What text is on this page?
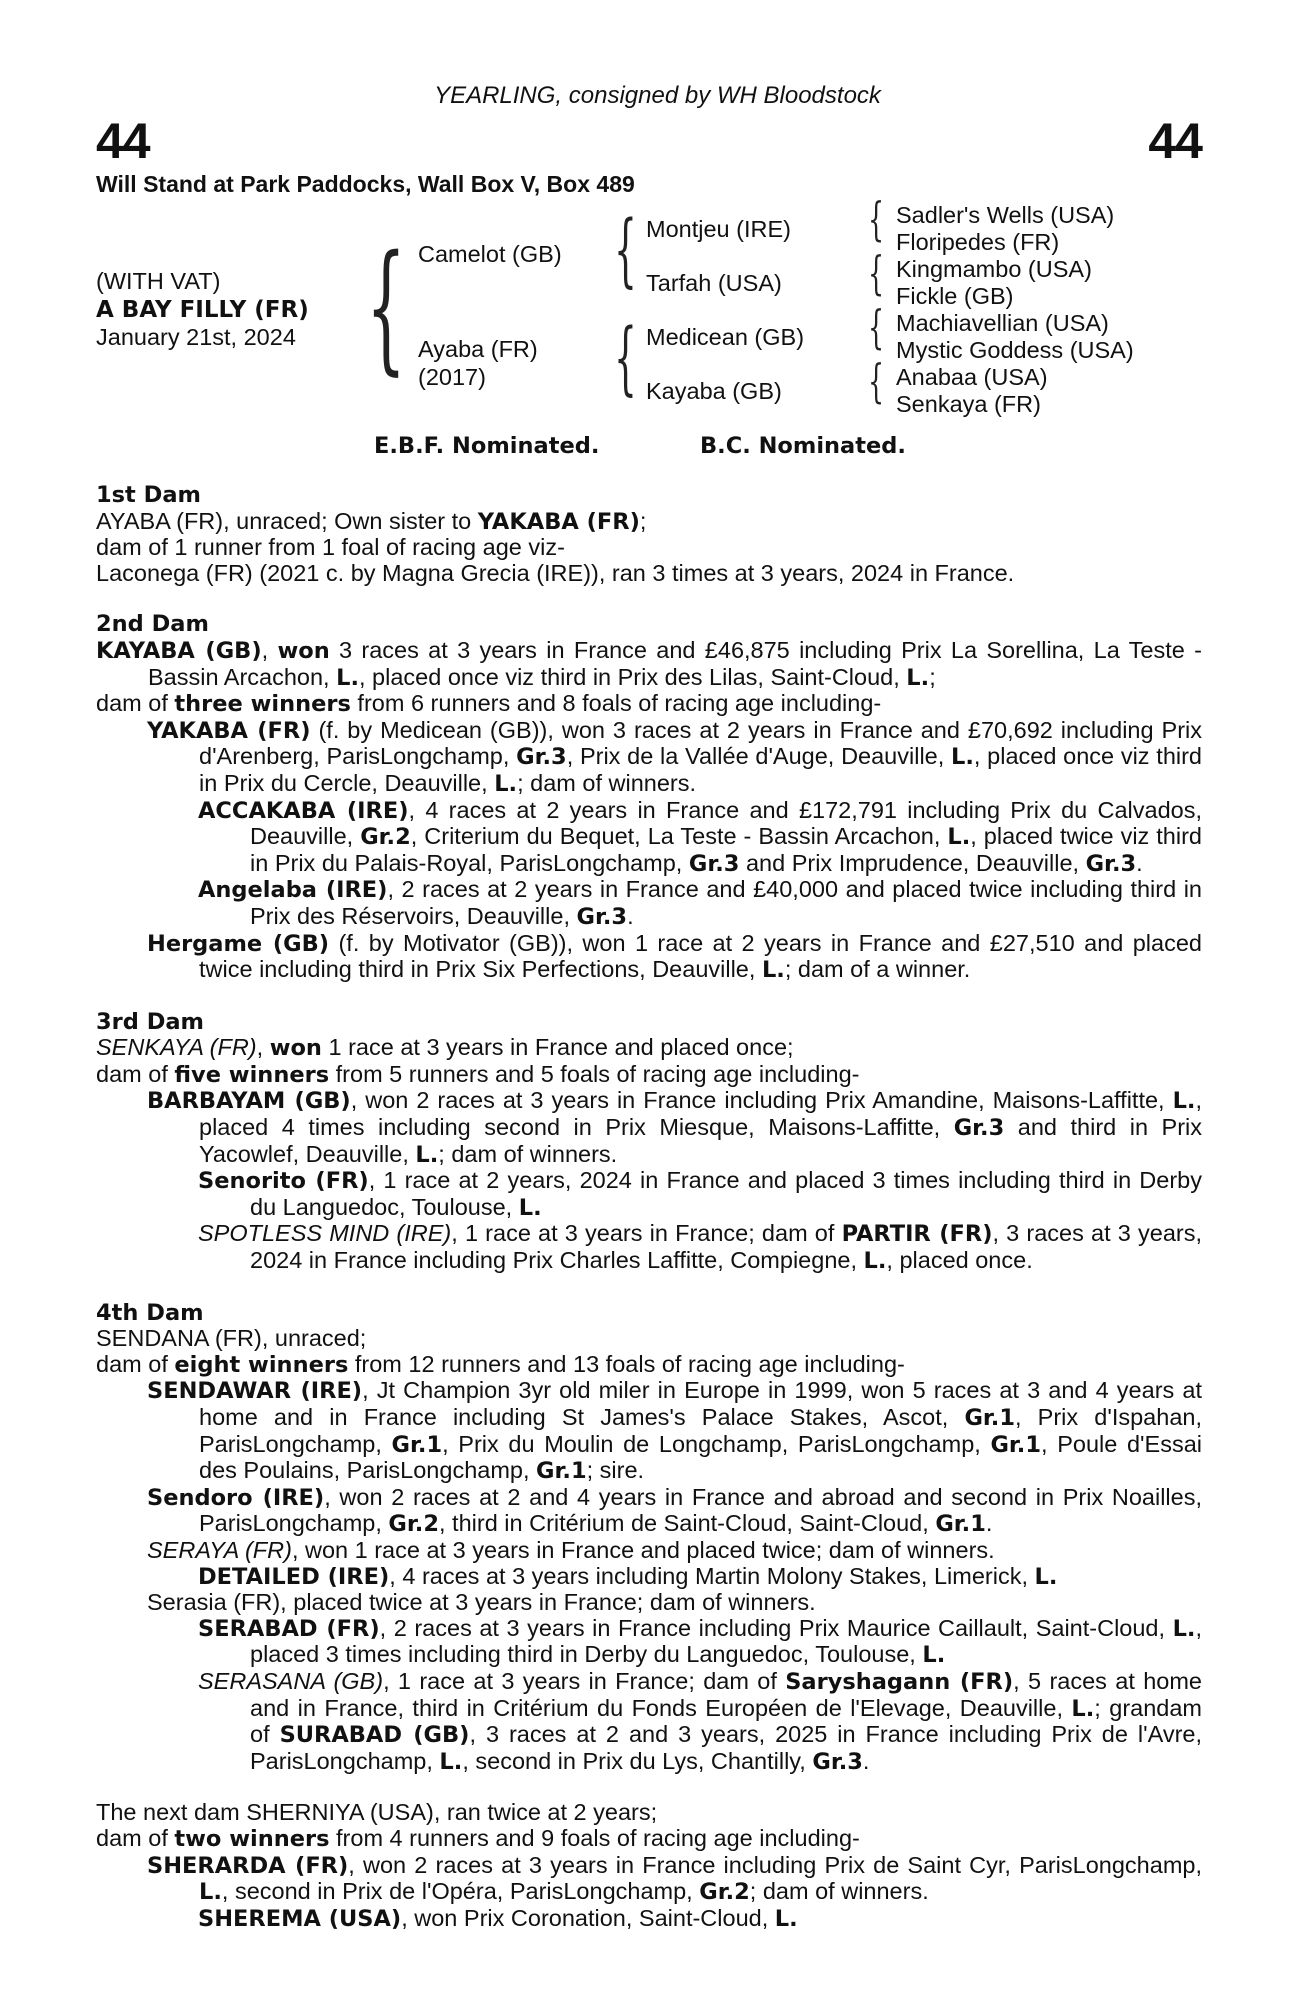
44	44
YEARLING, consigned by WH Bloodstock
Will Stand at Park Paddocks, Wall Box V, Box 489
(WITH VAT)
A BAY FILLY (FR)
January 21st, 2024 { Camelot (GB)
Ayaba (FR)
(2017)
{
{
Montjeu (IRE)
Tarfah (USA)
Medicean (GB)
Kayaba (GB)
{
{
{
{
Sadler's Wells (USA)
Floripedes (FR)
Kingmambo (USA)
Fickle (GB)
Machiavellian (USA)
Mystic Goddess (USA)
Anabaa (USA)
Senkaya (FR)
E.B.F. Nominated.	B.C. Nominated.

1st Dam

AYABA (FR), unraced; Own sister to YAKABA (FR);

dam of 1 runner from 1 foal of racing age viz-

Laconega (FR) (2021 c. by Magna Grecia (IRE)), ran 3 times at 3 years, 2024 in France.

2nd Dam

KAYABA (GB), won 3 races at 3 years in France and £46,875 including Prix La Sorellina, La Teste - Bassin Arcachon, L., placed once viz third in Prix des Lilas, Saint-Cloud, L.;

dam of three winners from 6 runners and 8 foals of racing age including-

YAKABA (FR) (f. by Medicean (GB)), won 3 races at 2 years in France and £70,692 including Prix d'Arenberg, ParisLongchamp, Gr.3, Prix de la Vallée d'Auge, Deauville, L., placed once viz third in Prix du Cercle, Deauville, L.; dam of winners.

ACCAKABA (IRE), 4 races at 2 years in France and £172,791 including Prix du Calvados, Deauville, Gr.2, Criterium du Bequet, La Teste - Bassin Arcachon, L., placed twice viz third in Prix du Palais-Royal, ParisLongchamp, Gr.3 and Prix Imprudence, Deauville, Gr.3.

Angelaba (IRE), 2 races at 2 years in France and £40,000 and placed twice including third in Prix des Réservoirs, Deauville, Gr.3.

Hergame (GB) (f. by Motivator (GB)), won 1 race at 2 years in France and £27,510 and placed twice including third in Prix Six Perfections, Deauville, L.; dam of a winner.

3rd Dam

SENKAYA (FR), won 1 race at 3 years in France and placed once;

dam of five winners from 5 runners and 5 foals of racing age including-

BARBAYAM (GB), won 2 races at 3 years in France including Prix Amandine, Maisons-Laffitte, L., placed 4 times including second in Prix Miesque, Maisons-Laffitte, Gr.3 and third in Prix Yacowlef, Deauville, L.; dam of winners.

Senorito (FR), 1 race at 2 years, 2024 in France and placed 3 times including third in Derby du Languedoc, Toulouse, L.

SPOTLESS MIND (IRE), 1 race at 3 years in France; dam of PARTIR (FR), 3 races at 3 years, 2024 in France including Prix Charles Laffitte, Compiegne, L., placed once.

4th Dam

SENDANA (FR), unraced;

dam of eight winners from 12 runners and 13 foals of racing age including-

SENDAWAR (IRE), Jt Champion 3yr old miler in Europe in 1999, won 5 races at 3 and 4 years at home and in France including St James's Palace Stakes, Ascot, Gr.1, Prix d'Ispahan, ParisLongchamp, Gr.1, Prix du Moulin de Longchamp, ParisLongchamp, Gr.1, Poule d'Essai des Poulains, ParisLongchamp, Gr.1; sire.

Sendoro (IRE), won 2 races at 2 and 4 years in France and abroad and second in Prix Noailles, ParisLongchamp, Gr.2, third in Critérium de Saint-Cloud, Saint-Cloud, Gr.1.

SERAYA (FR), won 1 race at 3 years in France and placed twice; dam of winners.

DETAILED (IRE), 4 races at 3 years including Martin Molony Stakes, Limerick, L.

Serasia (FR), placed twice at 3 years in France; dam of winners.

SERABAD (FR), 2 races at 3 years in France including Prix Maurice Caillault, Saint-Cloud, L., placed 3 times including third in Derby du Languedoc, Toulouse, L.

SERASANA (GB), 1 race at 3 years in France; dam of Saryshagann (FR), 5 races at home and in France, third in Critérium du Fonds Européen de l'Elevage, Deauville, L.; grandam of SURABAD (GB), 3 races at 2 and 3 years, 2025 in France including Prix de l'Avre, ParisLongchamp, L., second in Prix du Lys, Chantilly, Gr.3.

The next dam SHERNIYA (USA), ran twice at 2 years;

dam of two winners from 4 runners and 9 foals of racing age including-

SHERARDA (FR), won 2 races at 3 years in France including Prix de Saint Cyr, ParisLongchamp, L., second in Prix de l'Opéra, ParisLongchamp, Gr.2; dam of winners.

SHEREMA (USA), won Prix Coronation, Saint-Cloud, L.
